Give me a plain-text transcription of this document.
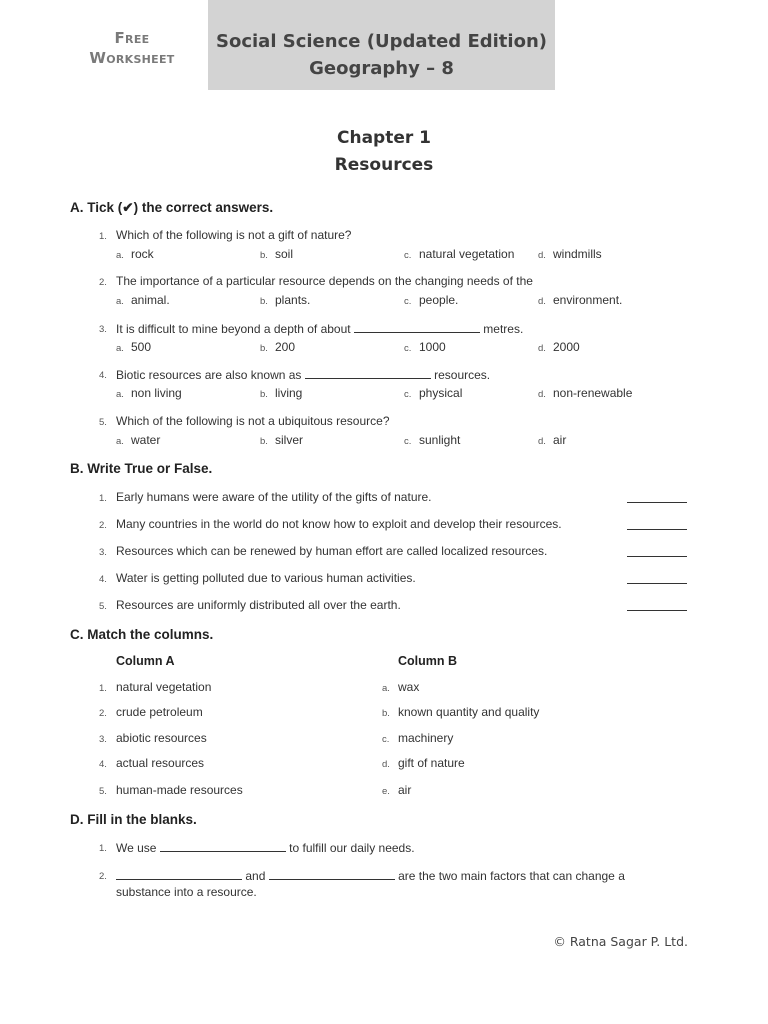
Free
Worksheet
Social Science (Updated Edition)
Geography – 8
Chapter 1
Resources
A. Tick (✔) the correct answers.
1. Which of the following is not a gift of nature?
a. rock	b. soil	c. natural vegetation d. windmills
2. The importance of a particular resource depends on the changing needs of the
a. animal.	b. plants.	c. people.	d. environment.
3. It is difficult to mine beyond a depth of about	metres.
a. 500	b. 200	c. 1000	d. 2000
4. Biotic resources are also known as	resources.
a. non living	b. living	c. physical	d. non-renewable
5. Which of the following is not a ubiquitous resource?
a. water	b. silver	c. sunlight	d. air
B. Write True or False.
1. Early humans were aware of the utility of the gifts of nature.
2. Many countries in the world do not know how to exploit and develop their resources.
3. Resources which can be renewed by human effort are called localized resources.
4. Water is getting polluted due to various human activities.
5. Resources are uniformly distributed all over the earth.
C. Match the columns.
Column A	Column B
1. natural vegetation	a. wax
2. crude petroleum	b. known quantity and quality
3. abiotic resources	c. machinery
4. actual resources	d. gift of nature
5. human-made resources	e. air
D. Fill in the blanks.
1. We use	to fulfill our daily needs.
2.	and	are the two main factors that can change a
substance into a resource.
© Ratna Sagar P. Ltd.
